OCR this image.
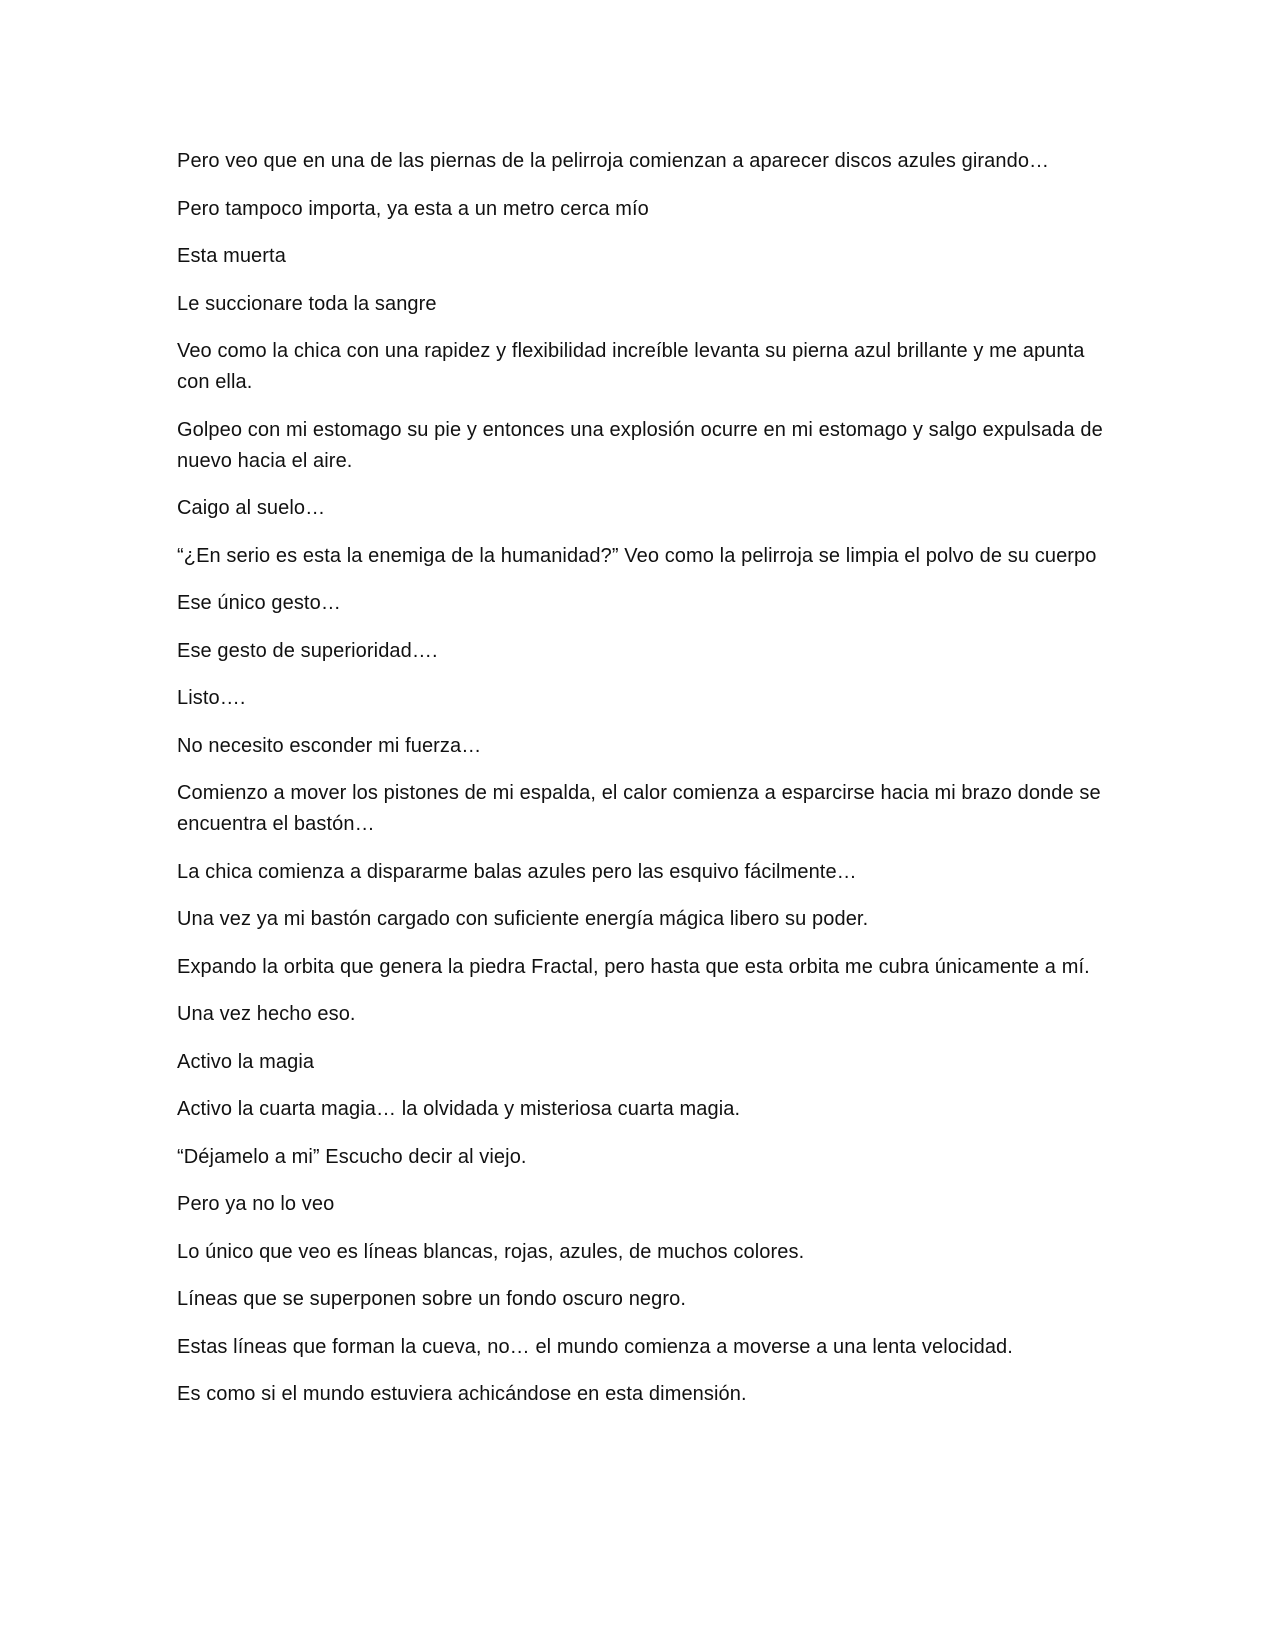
Pero veo que en una de las piernas de la pelirroja comienzan a aparecer discos azules girando…

Pero tampoco importa, ya esta a un metro cerca mío

Esta muerta

Le succionare toda la sangre

Veo como la chica con una rapidez y flexibilidad increíble levanta su pierna azul brillante y me apunta con ella.

Golpeo con mi estomago su pie y entonces una explosión ocurre en mi estomago y salgo expulsada de nuevo hacia el aire.

Caigo al suelo…

“¿En serio es esta la enemiga de la humanidad?” Veo como la pelirroja se limpia el polvo de su cuerpo

Ese único gesto…

Ese gesto de superioridad….

Listo….

No necesito esconder mi fuerza…

Comienzo a mover los pistones de mi espalda, el calor comienza a esparcirse hacia mi brazo donde se encuentra el bastón…

La chica comienza a dispararme balas azules pero las esquivo fácilmente…

Una vez ya mi bastón cargado con suficiente energía mágica libero su poder.

Expando la orbita que genera la piedra Fractal, pero hasta que esta orbita me cubra únicamente a mí.

Una vez hecho eso.

Activo la magia

Activo la cuarta magia… la olvidada y misteriosa cuarta magia.

“Déjamelo a mi” Escucho decir al viejo.

Pero ya no lo veo

Lo único que veo es líneas blancas, rojas, azules, de muchos colores.

Líneas que se superponen sobre un fondo oscuro negro.

Estas líneas que forman la cueva, no… el mundo comienza a moverse a una lenta velocidad.

Es como si el mundo estuviera achicándose en esta dimensión.
